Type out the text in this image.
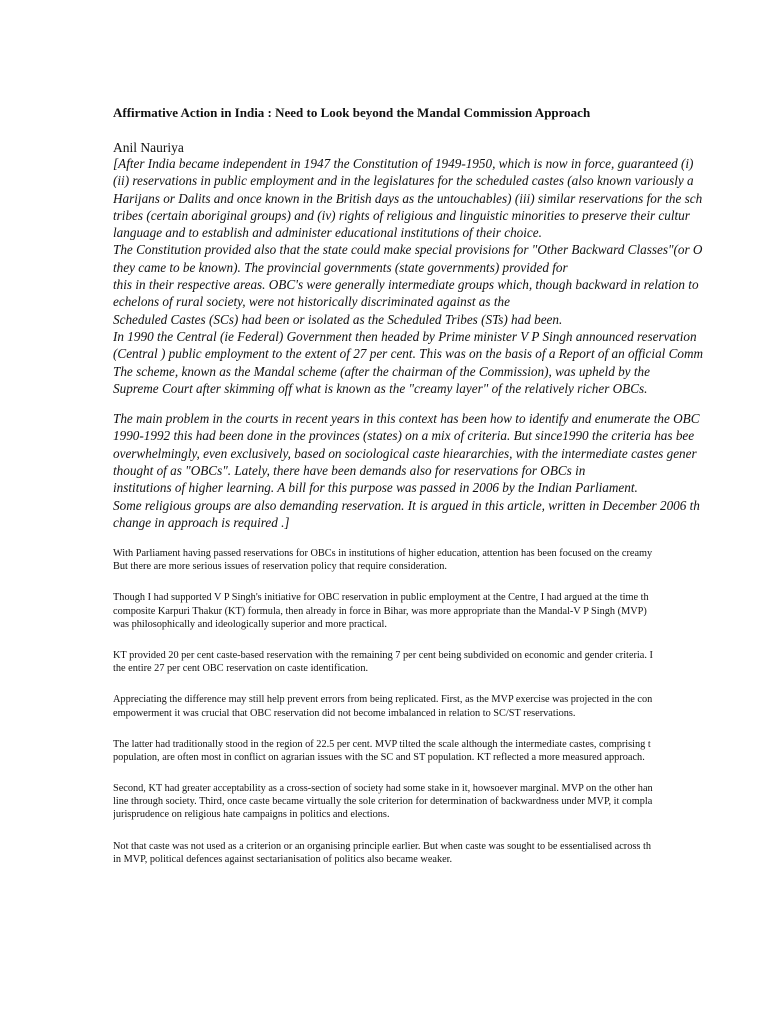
Affirmative Action in India : Need to Look beyond the Mandal Commission Approach
Anil Nauriya
[After India became independent in 1947 the Constitution of 1949-1950, which is now in force, guaranteed (i)
(ii) reservations in public employment and in the legislatures for the scheduled castes (also known variously a
Harijans or Dalits and once known in the British days as the untouchables) (iii) similar reservations for the sch
tribes (certain aboriginal groups) and (iv) rights of religious and linguistic minorities to preserve their cultur
language and to establish and administer educational institutions of their choice.
The Constitution provided also that the state could make special provisions for "Other Backward Classes"(or O
they came to be known). The provincial governments (state governments) provided for
this in their respective areas. OBC's were generally intermediate groups which, though backward in relation to
echelons of rural society, were not historically discriminated against as the
Scheduled Castes (SCs) had been or isolated as the Scheduled Tribes (STs) had been.
In 1990 the Central (ie Federal) Government then headed by Prime minister V P Singh announced reservation
(Central ) public employment to the extent of 27 per cent. This was on the basis of a Report of an official Comm
The scheme, known as the Mandal scheme (after the chairman of the Commission), was upheld by the
Supreme Court after skimming off what is known as the "creamy layer" of the relatively richer OBCs.
The main problem in the courts in recent years in this context has been how to identify and enumerate the OBC
1990-1992 this had been done in the provinces (states) on a mix of criteria. But since1990 the criteria has bee
overwhelmingly, even exclusively, based on sociological caste hieararchies, with the intermediate castes gener
thought of as "OBCs". Lately, there have been demands also for reservations for OBCs in
institutions of higher learning. A bill for this purpose was passed in 2006 by the Indian Parliament.
Some religious groups are also demanding reservation. It is argued in this article, written in December 2006 th
change in approach is required .]
With Parliament having passed reservations for OBCs in institutions of higher education, attention has been focused on the creamy
But there are more serious issues of reservation policy that require consideration.
Though I had supported V P Singh's initiative for OBC reservation in public employment at the Centre, I had argued at the time th
composite Karpuri Thakur (KT) formula, then already in force in Bihar, was more appropriate than the Mandal-V P Singh (MVP)
was philosophically and ideologically superior and more practical.
KT provided 20 per cent caste-based reservation with the remaining 7 per cent being subdivided on economic and gender criteria. I
the entire 27 per cent OBC reservation on caste identification.
Appreciating the difference may still help prevent errors from being replicated. First, as the MVP exercise was projected in the con
empowerment it was crucial that OBC reservation did not become imbalanced in relation to SC/ST reservations.
The latter had traditionally stood in the region of 22.5 per cent. MVP tilted the scale although the intermediate castes, comprising t
population, are often most in conflict on agrarian issues with the SC and ST population. KT reflected a more measured approach.
Second, KT had greater acceptability as a cross-section of society had some stake in it, howsoever marginal. MVP on the other han
line through society. Third, once caste became virtually the sole criterion for determination of backwardness under MVP, it compla
jurisprudence on religious hate campaigns in politics and elections.
Not that caste was not used as a criterion or an organising principle earlier. But when caste was sought to be essentialised across th
in MVP, political defences against sectarianisation of politics also became weaker.
